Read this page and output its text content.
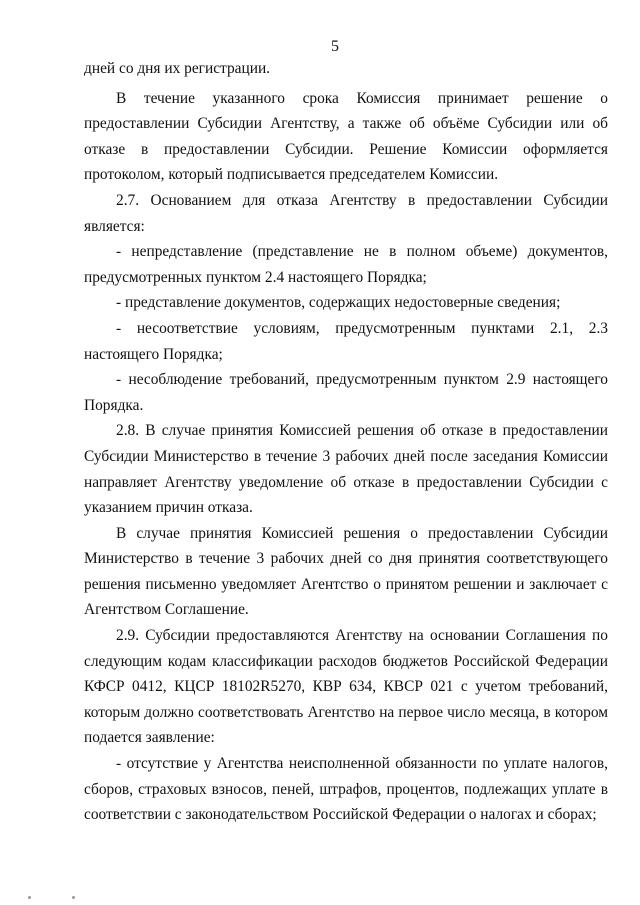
5

дней со дня их регистрации.

В течение указанного срока Комиссия принимает решение о предоставлении Субсидии Агентству, а также об объёме Субсидии или об отказе в предоставлении Субсидии. Решение Комиссии оформляется протоколом, который подписывается председателем Комиссии.

2.7. Основанием для отказа Агентству в предоставлении Субсидии является:

- непредставление (представление не в полном объеме) документов, предусмотренных пунктом 2.4 настоящего Порядка;

- представление документов, содержащих недостоверные сведения;

- несоответствие условиям, предусмотренным пунктами 2.1, 2.3 настоящего Порядка;

- несоблюдение требований, предусмотренным пунктом 2.9 настоящего Порядка.

2.8. В случае принятия Комиссией решения об отказе в предоставлении Субсидии Министерство в течение 3 рабочих дней после заседания Комиссии направляет Агентству уведомление об отказе в предоставлении Субсидии с указанием причин отказа.

В случае принятия Комиссией решения о предоставлении Субсидии Министерство в течение 3 рабочих дней со дня принятия соответствующего решения письменно уведомляет Агентство о принятом решении и заключает с Агентством Соглашение.

2.9. Субсидии предоставляются Агентству на основании Соглашения по следующим кодам классификации расходов бюджетов Российской Федерации КФСР 0412, КЦСР 18102R5270, КВР 634, КВСР 021 с учетом требований, которым должно соответствовать Агентство на первое число месяца, в котором подается заявление:

- отсутствие у Агентства неисполненной обязанности по уплате налогов, сборов, страховых взносов, пеней, штрафов, процентов, подлежащих уплате в соответствии с законодательством Российской Федерации о налогах и сборах;
